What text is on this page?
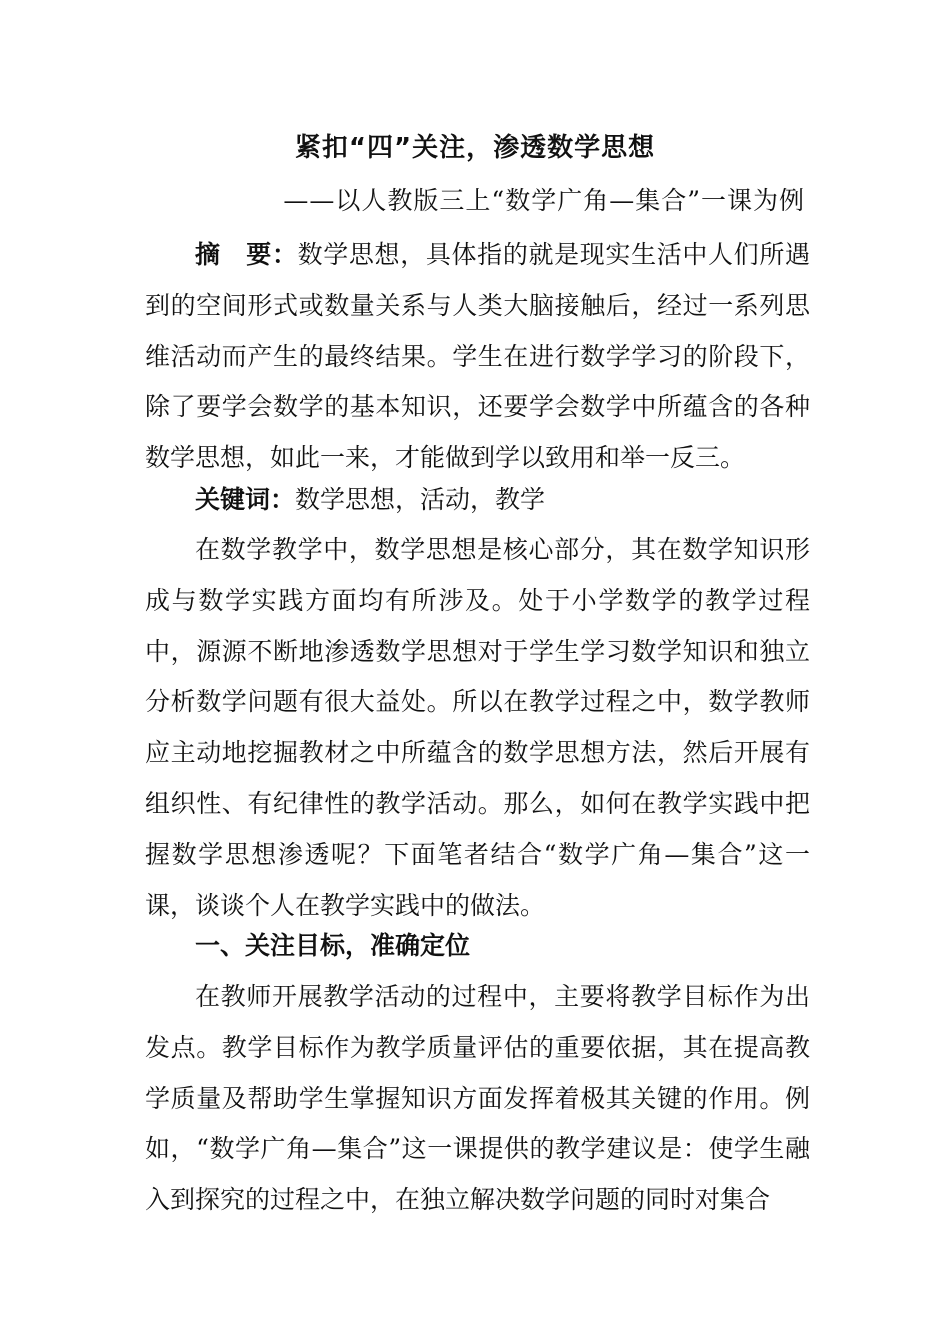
紧扣“四”关注，渗透数学思想
——以人教版三上“数学广角—集合”一课为例
摘　要：数学思想，具体指的就是现实生活中人们所遇到的空间形式或数量关系与人类大脑接触后，经过一系列思维活动而产生的最终结果。学生在进行数学学习的阶段下，除了要学会数学的基本知识，还要学会数学中所蕴含的各种数学思想，如此一来，才能做到学以致用和举一反三。
关键词：数学思想，活动，教学
在数学教学中，数学思想是核心部分，其在数学知识形成与数学实践方面均有所涉及。处于小学数学的教学过程中，源源不断地渗透数学思想对于学生学习数学知识和独立分析数学问题有很大益处。所以在教学过程之中，数学教师应主动地挖掘教材之中所蕴含的数学思想方法，然后开展有组织性、有纪律性的教学活动。那么，如何在教学实践中把握数学思想渗透呢？下面笔者结合“数学广角—集合”这一课，谈谈个人在教学实践中的做法。
一、关注目标，准确定位
在教师开展教学活动的过程中，主要将教学目标作为出发点。教学目标作为教学质量评估的重要依据，其在提高教学质量及帮助学生掌握知识方面发挥着极其关键的作用。例如，“数学广角—集合”这一课提供的教学建议是：使学生融入到探究的过程之中，在独立解决数学问题的同时对集合
